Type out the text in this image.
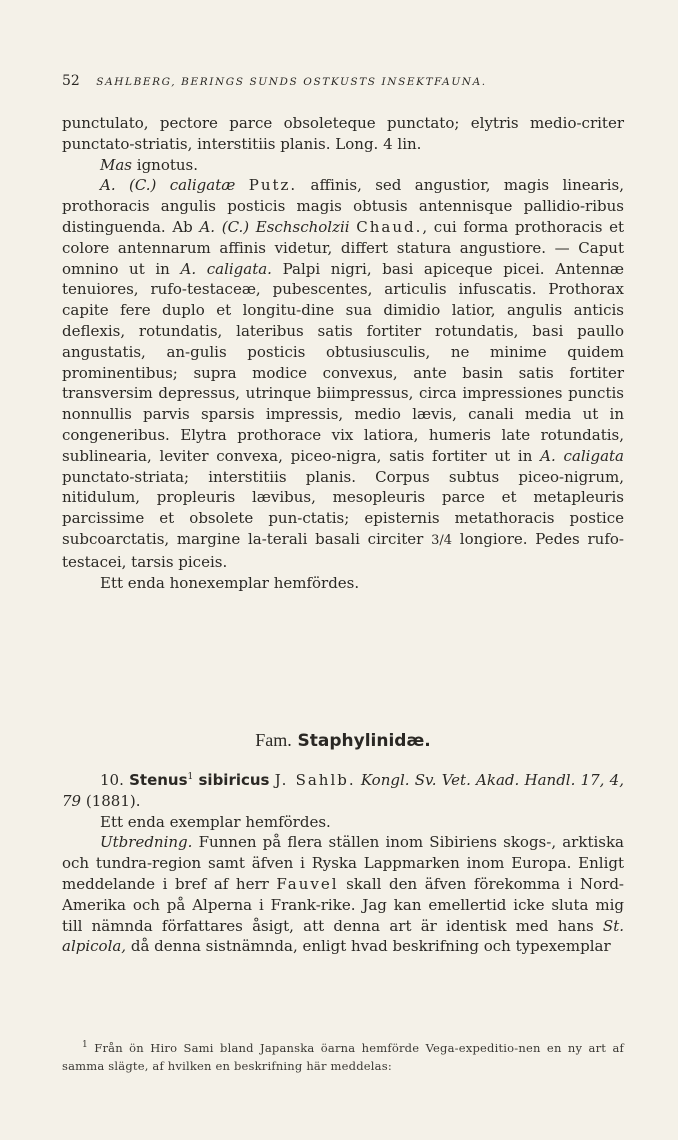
52 SAHLBERG, BERINGS SUNDS OSTKUSTS INSEKTFAUNA.

punctulato, pectore parce obsoleteque punctato; elytris medio-criter punctato-striatis, interstitiis planis. Long. 4 lin.

Mas ignotus.

A. (C.) caligatæ Putz. affinis, sed angustior, magis linearis, prothoracis angulis posticis magis obtusis antennisque pallidio-ribus distinguenda. Ab A. (C.) Eschscholzii Chaud., cui forma prothoracis et colore antennarum affinis videtur, differt statura angustiore. — Caput omnino ut in A. caligata. Palpi nigri, basi apiceque picei. Antennæ tenuiores, rufo-testaceæ, pubescentes, articulis infuscatis. Prothorax capite fere duplo et longitu-dine sua dimidio latior, angulis anticis deflexis, rotundatis, lateribus satis fortiter rotundatis, basi paullo angustatis, an-gulis posticis obtusiusculis, ne minime quidem prominentibus; supra modice convexus, ante basin satis fortiter transversim depressus, utrinque biimpressus, circa impressiones punctis nonnullis parvis sparsis impressis, medio lævis, canali media ut in congeneribus. Elytra prothorace vix latiora, humeris late rotundatis, sublinearia, leviter convexa, piceo-nigra, satis fortiter ut in A. caligata punctato-striata; interstitiis planis. Corpus subtus piceo-nigrum, nitidulum, propleuris lævibus, mesopleuris parce et metapleuris parcissime et obsolete pun-ctatis; episternis metathoracis postice subcoarctatis, margine la-terali basali circiter 3/4 longiore. Pedes rufo-testacei, tarsis piceis.

Ett enda honexemplar hemfördes.

Fam. Staphylinidæ.

10. Stenus$^1$ sibiricus J. Sahlb. Kongl. Sv. Vet. Akad. Handl. 17, 4, 79 (1881).

Ett enda exemplar hemfördes.

Utbredning. Funnen på flera ställen inom Sibiriens skogs-, arktiska och tundra-region samt äfven i Ryska Lappmarken inom Europa. Enligt meddelande i bref af herr Fauvel skall den äfven förekomma i Nord-Amerika och på Alperna i Frank-rike. Jag kan emellertid icke sluta mig till nämnda författares åsigt, att denna art är identisk med hans St. alpicola, då denna sistnämnda, enligt hvad beskrifning och typexemplar

$^1$ Från ön Hiro Sami bland Japanska öarna hemförde Vega-expeditio-nen en ny art af samma slägte, af hvilken en beskrifning här meddelas:
